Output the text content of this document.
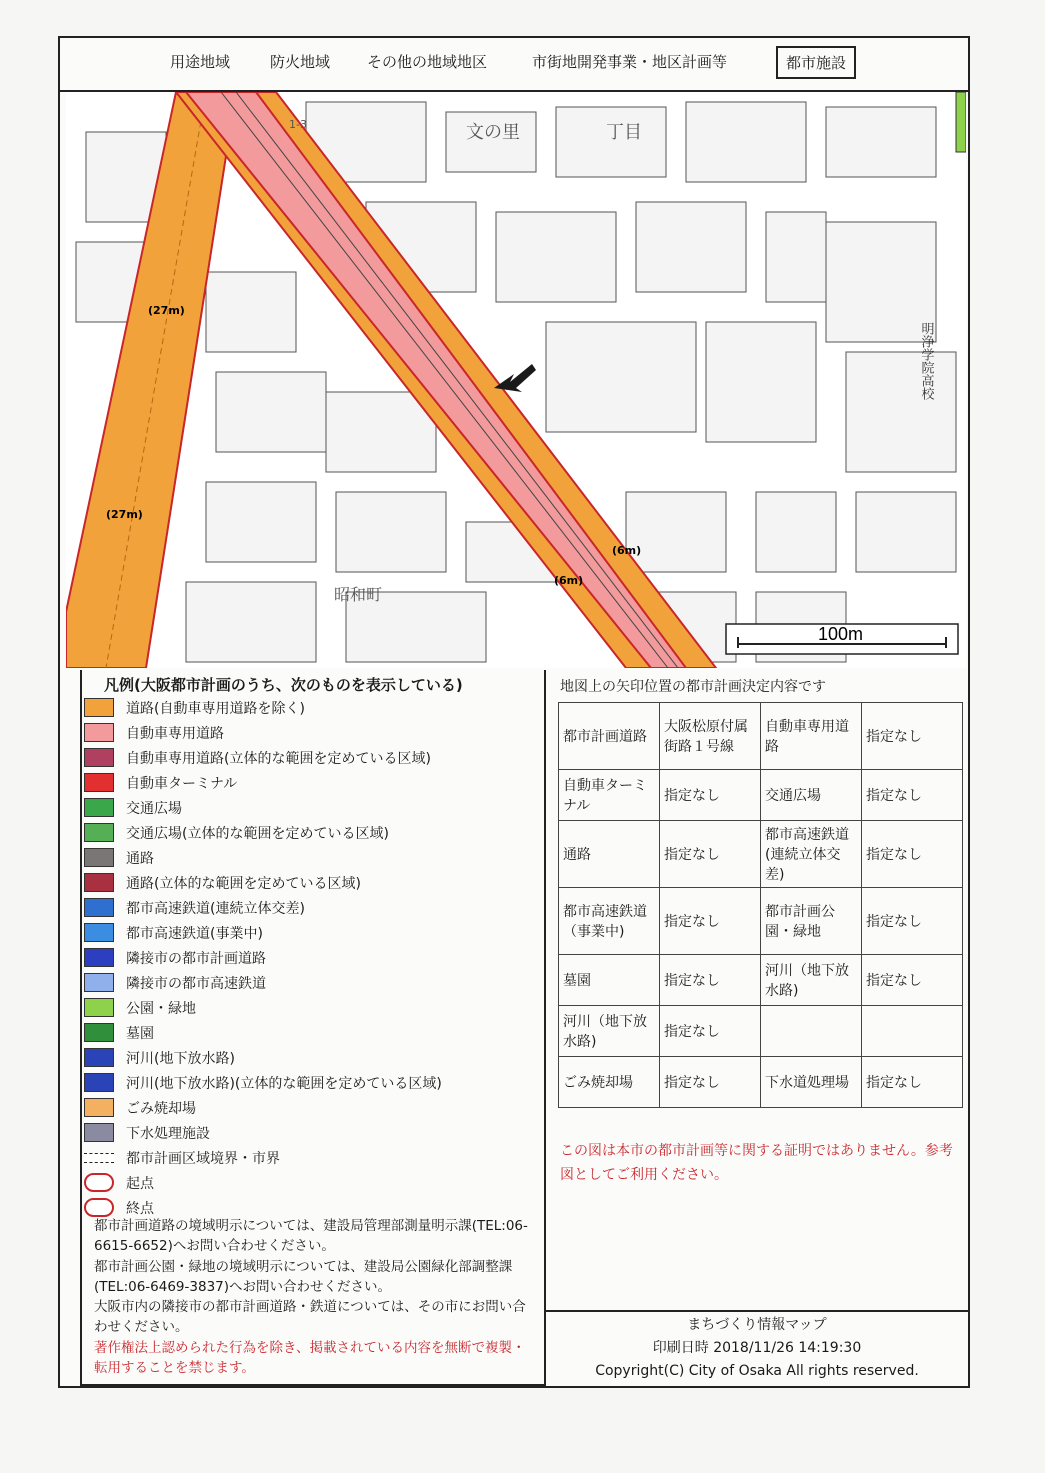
用途地域	防火地域 その他の地域地区	市街地開発事業・地区計画等	都市施設
(27m)
(27m)
(6m)
(6m)
文の里	丁目
昭和町
1-3
明浄学院高校
100m
凡例(大阪都市計画のうち、次のものを表示している)
道路(自動車専用道路を除く)
自動車専用道路
自動車専用道路(立体的な範囲を定めている区域)
自動車ターミナル
交通広場
交通広場(立体的な範囲を定めている区域)
通路
通路(立体的な範囲を定めている区域)
都市高速鉄道(連続立体交差)
都市高速鉄道(事業中)
隣接市の都市計画道路
隣接市の都市高速鉄道
公園・緑地
墓園
河川(地下放水路)
河川(地下放水路)(立体的な範囲を定めている区域)
ごみ焼却場
下水処理施設
都市計画区域境界・市界
起点
終点
都市計画道路の境域明示については、建設局管理部測量明示課(TEL:06-6615-6652)へお問い合わせください。
都市計画公園・緑地の境域明示については、建設局公園緑化部調整課(TEL:06-6469-3837)へお問い合わせください。
大阪市内の隣接市の都市計画道路・鉄道については、その市にお問い合わせください。
著作権法上認められた行為を除き、掲載されている内容を無断で複製・転用することを禁じます。
地図上の矢印位置の都市計画決定内容です
都市計画道路	大阪松原付属街路１号線	自動車専用道路	指定なし
自動車ターミナル	指定なし	交通広場	指定なし
通路	指定なし	都市高速鉄道(連続立体交差)	指定なし
都市高速鉄道（事業中)	指定なし	都市計画公園・緑地	指定なし
墓園	指定なし	河川（地下放水路)	指定なし
河川（地下放水路)	指定なし		
ごみ焼却場	指定なし	下水道処理場	指定なし
この図は本市の都市計画等に関する証明ではありません。参考図としてご利用ください。
まちづくり情報マップ
印刷日時 2018/11/26 14:19:30
Copyright(C) City of Osaka All rights reserved.
